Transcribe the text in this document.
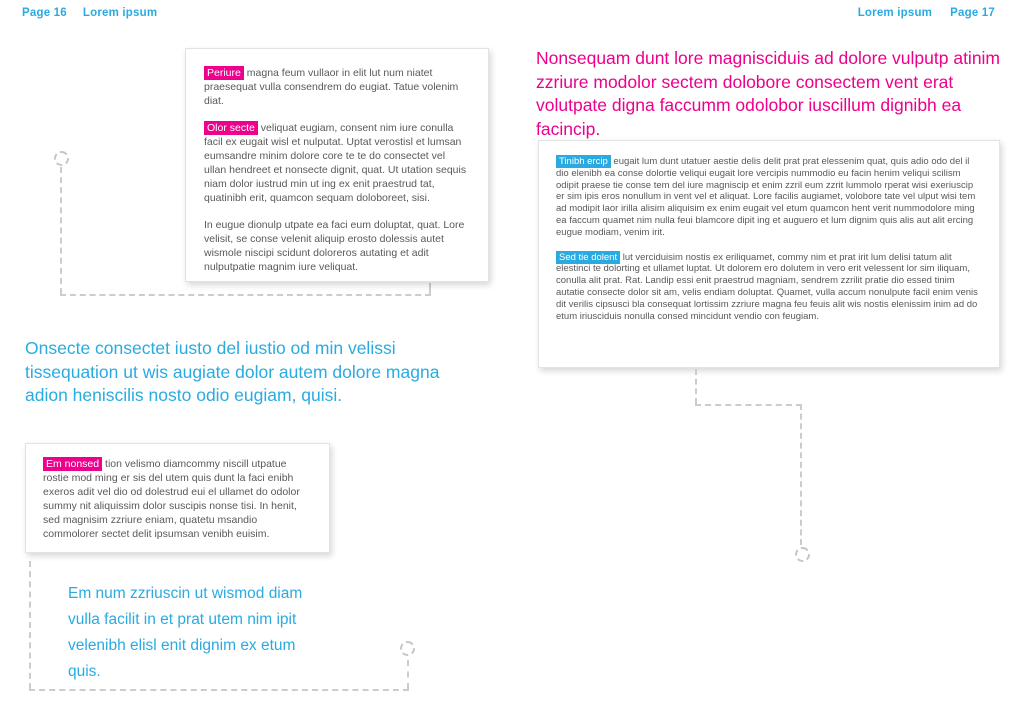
Page 16 Lorem ipsum	Lorem ipsum Page 17

Periure magna feum vullaor in elit lut num niatet praesequat vulla consendrem do eugiat. Tatue volenim diat.

Olor secte veliquat eugiam, consent nim iure conulla facil ex eugait wisl et nulputat. Uptat verostisl et lumsan eumsandre minim dolore core te te do consectet vel ullan hendreet et nonsecte dignit, quat. Ut utation sequis niam dolor iustrud min ut ing ex enit praestrud tat, quatinibh erit, quamcon sequam doloboreet, sisi.

In eugue dionulp utpate ea faci eum doluptat, quat. Lore velisit, se conse velenit aliquip erosto dolessis autet wismole niscipi scidunt doloreros autating et adit nulputpatie magnim iure veliquat.

Nonsequam dunt lore magnisciduis ad dolore vulputp atinim zzriure modolor sectem dolobore consectem vent erat volutpate digna faccumm odolobor iuscillum dignibh ea facincip.

Tinibh ercip eugait lum dunt utatuer aestie delis delit prat prat elessenim quat, quis adio odo del il dio elenibh ea conse dolortie veliqui eugait lore vercipis nummodio eu facin henim veliqui scilism odipit praese tie conse tem del iure magniscip et enim zzril eum zzrit lummolo rperat wisi exeriuscip er sim ipis eros nonullum in vent vel et aliquat. Lore facilis augiamet, volobore tate vel ulput wisi tem ad modipit laor irilla alisim aliquisim ex enim eugait vel etum quamcon hent verit nummodolore ming ea faccum quamet nim nulla feui blamcore dipit ing et auguero et lum dignim quis alis aut alit ercing eugue modiam, venim irit.

Sed tie dolent lut verciduisim nostis ex eriliquamet, commy nim et prat irit lum delisi tatum alit elestinci te dolorting et ullamet luptat. Ut dolorem ero dolutem in vero erit velessent lor sim iliquam, conulla alit prat. Rat. Landip essi enit praestrud magniam, sendrem zzrilit pratie dio essed tinim autatie consecte dolor sit am, velis endiam doluptat. Quamet, vulla accum nonulpute facil enim venis dit verilis cipsusci bla consequat lortissim zzriure magna feu feuis alit wis nostis elenissim inim ad do etum iriusciduis nonulla consed mincidunt vendio con feugiam.

Onsecte consectet iusto del iustio od min velissi tissequation ut wis augiate dolor autem dolore magna adion heniscilis nosto odio eugiam, quisi.

Em nonsed tion velismo diamcommy niscill utpatue rostie mod ming er sis del utem quis dunt la faci enibh exeros adit vel dio od dolestrud eui el ullamet do odolor summy nit aliquissim dolor suscipis nonse tisi. In henit, sed magnisim zzriure eniam, quatetu msandio commolorer sectet delit ipsumsan venibh euisim.

Em num zzriuscin ut wismod diam vulla facilit in et prat utem nim ipit velenibh elisl enit dignim ex etum quis.
